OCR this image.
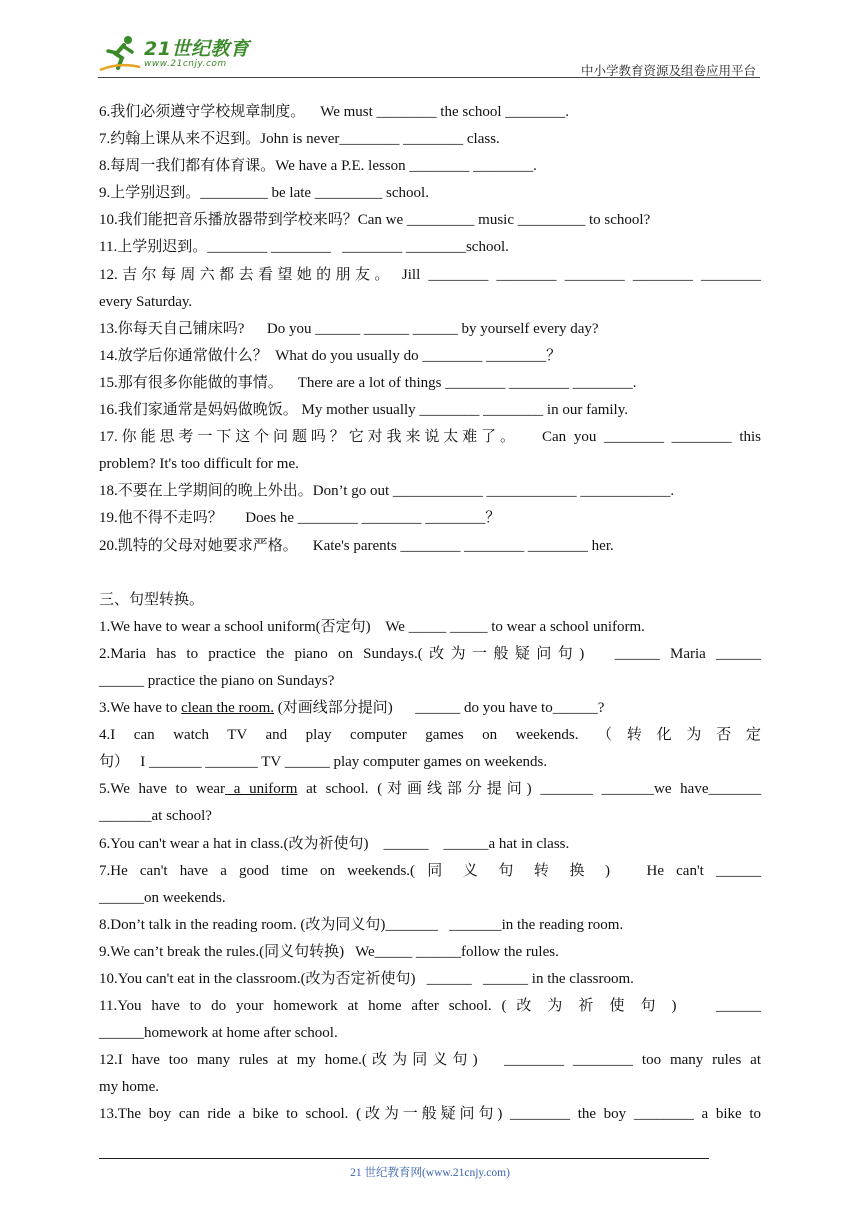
21世纪教育
www.21cnjy.com	中小学教育资源及组卷应用平台
6.我们必须遵守学校规章制度。    We must ________ the school ________.
7.约翰上课从来不迟到。John is never________ ________ class.
8.每周一我们都有体育课。We have a P.E. lesson ________ ________.
9.上学别迟到。_________ be late _________ school.
10.我们能把音乐播放器带到学校来吗？Can we _________ music _________ to school?
11.上学别迟到。________ ________   ________ ________school.
12.吉尔每周六都去看望她的朋友。 Jill ________ ________ ________ ________ ________
every Saturday.
13.你每天自己铺床吗?      Do you ______ ______ ______ by yourself every day?
14.放学后你通常做什么？  What do you usually do ________ ________？
15.那有很多你能做的事情。    There are a lot of things ________ ________ ________.
16.我们家通常是妈妈做晚饭。 My mother usually ________ ________ in our family.
17.你能思考一下这个问题吗？它对我来说太难了。   Can you ________ ________ this
problem? It's too difficult for me.
18.不要在上学期间的晚上外出。Don’t go out ____________ ____________ ____________.
19.他不得不走吗？      Does he ________ ________ ________？
20.凯特的父母对她要求严格。    Kate's parents ________ ________ ________ her.
三、句型转换。
1.We have to wear a school uniform(否定句)    We _____ _____ to wear a school uniform.
2.Maria has to practice the piano on Sundays.(改为一般疑问句)   ______ Maria ______
______ practice the piano on Sundays?
3.We have to clean the room. (对画线部分提问)      ______ do you have to______?
4.I can watch TV and play computer games on weekends. （转化为否定
句）   I _______ _______ TV ______ play computer games on weekends.
5.We have to wear a uniform at school. (对画线部分提问) _______ _______we have_______
_______at school?
6.You can't wear a hat in class.(改为祈使句)    ______    ______a hat in class.
7.He can't have a good time on weekends.( 同 义 句 转 换 )   He can't ______
______on weekends.
8.Don’t talk in the reading room. (改为同义句)_______   _______in the reading room.
9.We can’t break the rules.(同义句转换)   We_____ ______follow the rules.
10.You can't eat in the classroom.(改为否定祈使句)   ______   ______ in the classroom.
11.You have to do your homework at home after school. ( 改 为 祈 使 句 )    ______
______homework at home after school.
12.I have too many rules at my home.(改为同义句)   ________ ________ too many rules at
my home.
13.The boy can ride a bike to school. (改为一般疑问句) ________ the boy ________ a bike to
21 世纪教育网(www.21cnjy.com)
